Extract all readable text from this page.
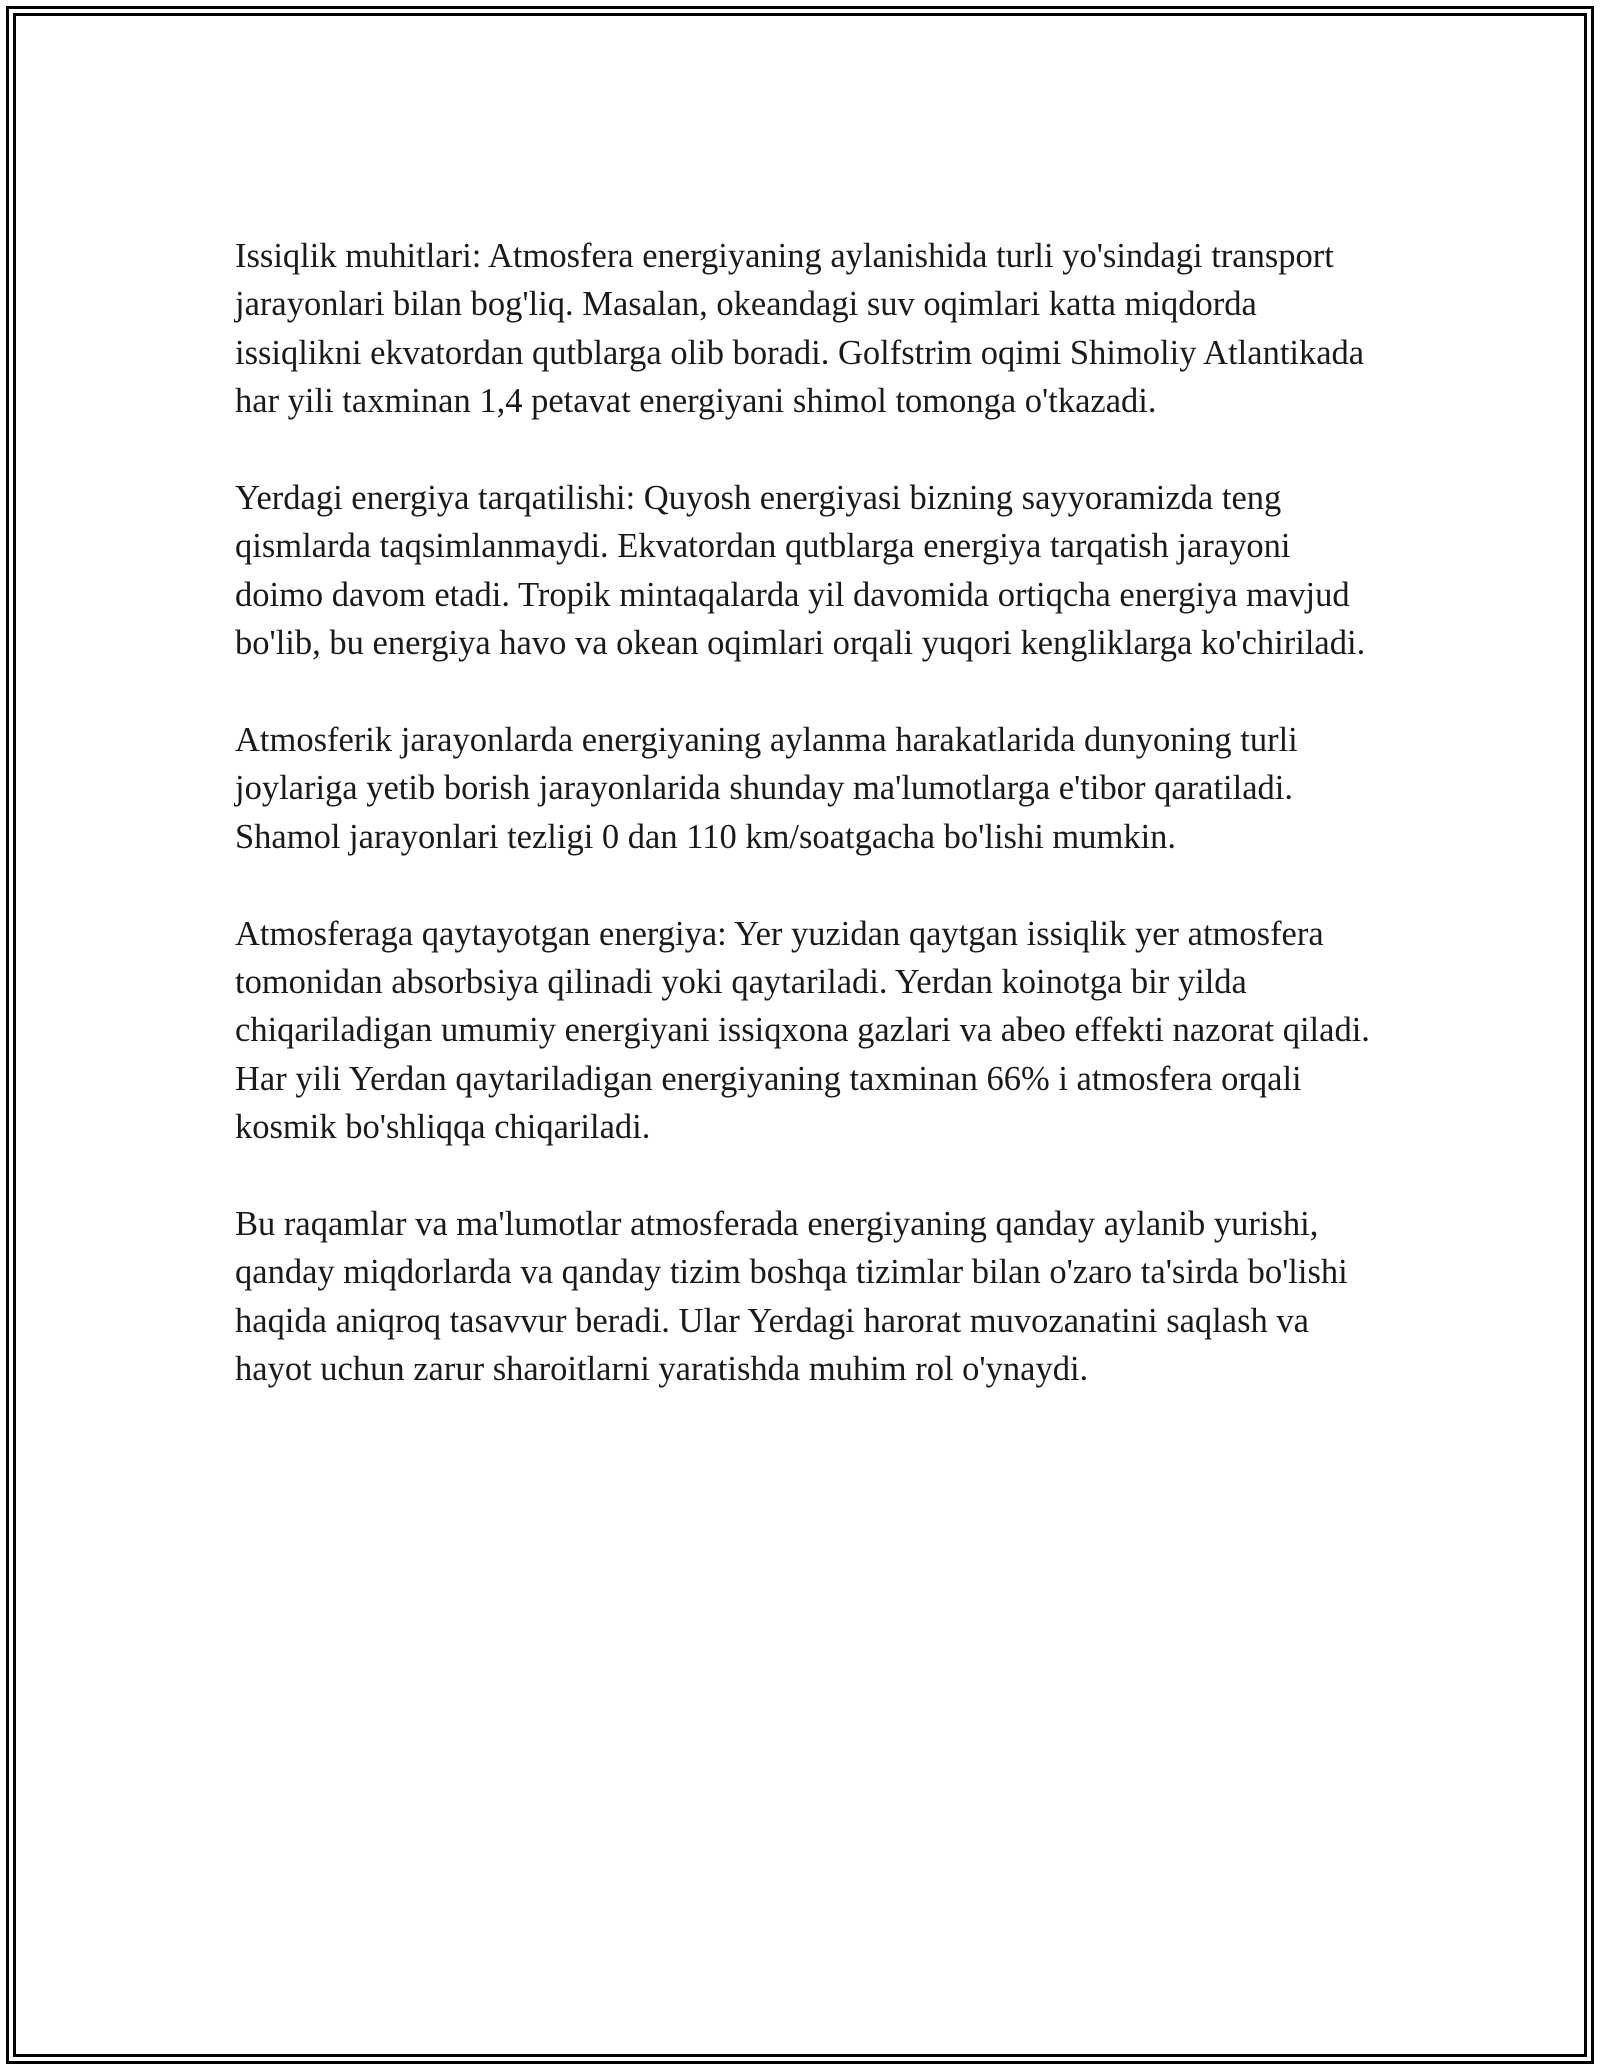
Issiqlik muhitlari: Atmosfera energiyaning aylanishida turli yo'sindagi transport jarayonlari bilan bog'liq. Masalan, okeandagi suv oqimlari katta miqdorda issiqlikni ekvatordan qutblarga olib boradi. Golfstrim oqimi Shimoliy Atlantikada har yili taxminan 1,4 petavat energiyani shimol tomonga o'tkazadi.

Yerdagi energiya tarqatilishi: Quyosh energiyasi bizning sayyoramizda teng qismlarda taqsimlanmaydi. Ekvatordan qutblarga energiya tarqatish jarayoni doimo davom etadi. Tropik mintaqalarda yil davomida ortiqcha energiya mavjud bo'lib, bu energiya havo va okean oqimlari orqali yuqori kengliklarga ko'chiriladi.

Atmosferik jarayonlarda energiyaning aylanma harakatlarida dunyoning turli joylariga yetib borish jarayonlarida shunday ma'lumotlarga e'tibor qaratiladi. Shamol jarayonlari tezligi 0 dan 110 km/soatgacha bo'lishi mumkin.

Atmosferaga qaytayotgan energiya: Yer yuzidan qaytgan issiqlik yer atmosfera tomonidan absorbsiya qilinadi yoki qaytariladi. Yerdan koinotga bir yilda chiqariladigan umumiy energiyani issiqxona gazlari va abeo effekti nazorat qiladi. Har yili Yerdan qaytariladigan energiyaning taxminan 66% i atmosfera orqali kosmik bo'shliqqa chiqariladi.

Bu raqamlar va ma'lumotlar atmosferada energiyaning qanday aylanib yurishi, qanday miqdorlarda va qanday tizim boshqa tizimlar bilan o'zaro ta'sirda bo'lishi haqida aniqroq tasavvur beradi. Ular Yerdagi harorat muvozanatini saqlash va hayot uchun zarur sharoitlarni yaratishda muhim rol o'ynaydi.
